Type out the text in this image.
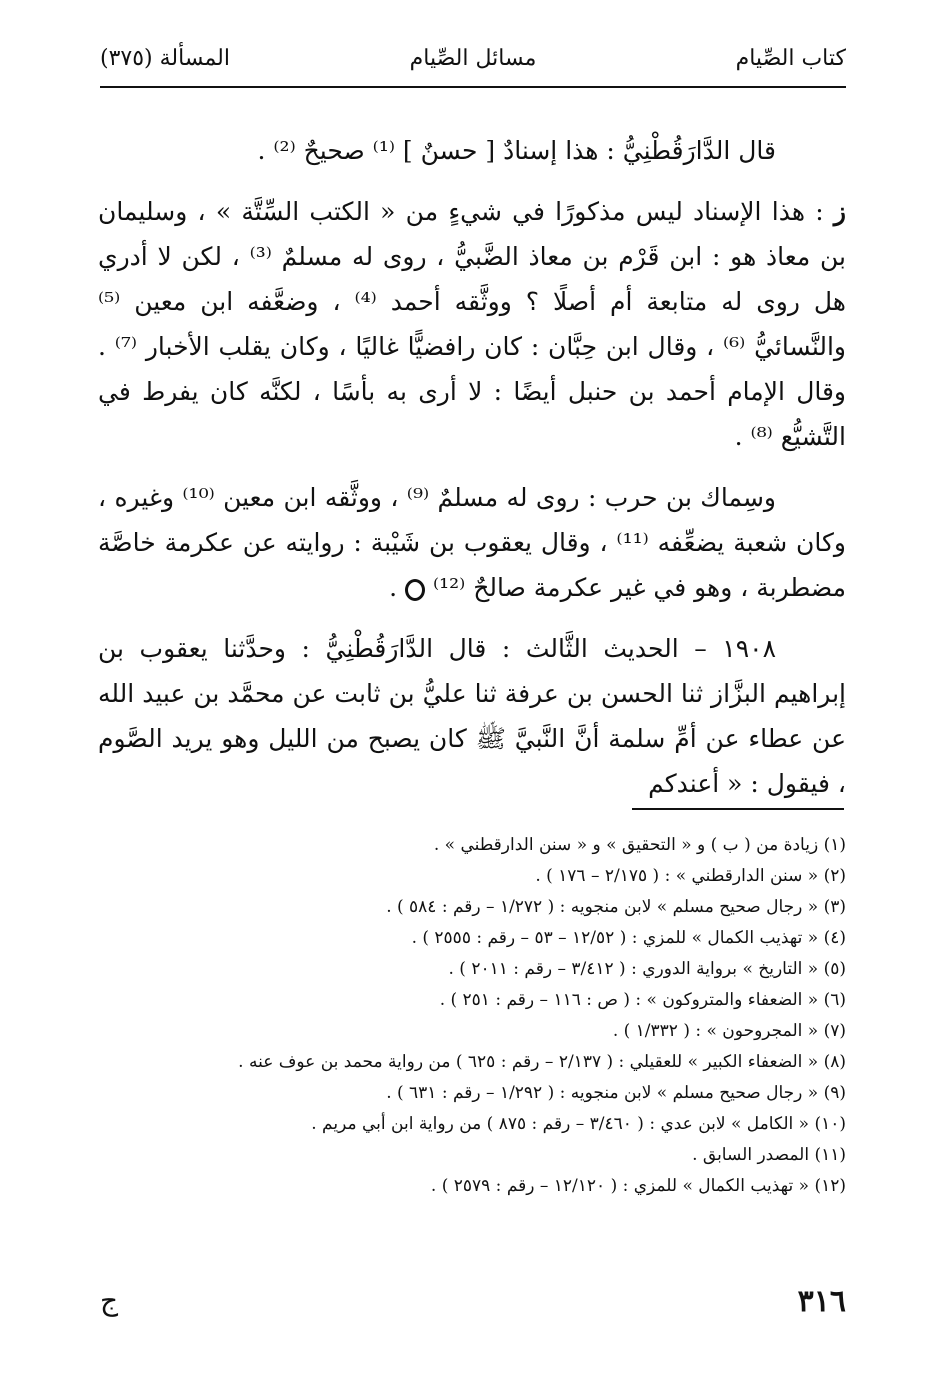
كتاب الصِّيام
مسائل الصِّيام
المسألة (٣٧٥)

قال الدَّارَقُطْنِيُّ : هذا إسنادٌ [ حسنٌ ] ⁽¹⁾ صحيحٌ ⁽²⁾ .

ز : هذا الإسناد ليس مذكورًا في شيءٍ من « الكتب السِّتَّة » ، وسليمان بن معاذ هو : ابن قَرْم بن معاذ الضَّبيُّ ، روى له مسلمٌ ⁽³⁾ ، لكن لا أدري هل روى له متابعة أم أصلًا ؟ ووثَّقه أحمد ⁽⁴⁾ ، وضعَّفه ابن معين ⁽⁵⁾ والنَّسائيُّ ⁽⁶⁾ ، وقال ابن حِبَّان : كان رافضيًّا غاليًا ، وكان يقلب الأخبار ⁽⁷⁾ . وقال الإمام أحمد بن حنبل أيضًا : لا أرى به بأسًا ، لكنَّه كان يفرط في التَّشيُّع ⁽⁸⁾ .

وسِماك بن حرب : روى له مسلمٌ ⁽⁹⁾ ، ووثَّقه ابن معين ⁽¹⁰⁾ وغيره ، وكان شعبة يضعِّفه ⁽¹¹⁾ ، وقال يعقوب بن شَيْبة : روايته عن عكرمة خاصَّة مضطربة ، وهو في غير عكرمة صالحٌ ⁽¹²⁾  .

١٩٠٨ – الحديث الثَّالث : قال الدَّارَقُطْنِيُّ : وحدَّثنا يعقوب بن إبراهيم البزَّاز ثنا الحسن بن عرفة ثنا عليُّ بن ثابت عن محمَّد بن عبيد الله عن عطاء عن أمِّ سلمة أنَّ النَّبيَّ ﷺ كان يصبح من الليل وهو يريد الصَّوم ، فيقول : « أعندكم

(١) زيادة من ( ب ) و « التحقيق » و « سنن الدارقطني » .
(٢) « سنن الدارقطني » : ( ٢/١٧٥ – ١٧٦ ) .
(٣) « رجال صحيح مسلم » لابن منجويه : ( ١/٢٧٢ – رقم : ٥٨٤ ) .
(٤) « تهذيب الكمال » للمزي : ( ١٢/٥٢ – ٥٣ – رقم : ٢٥٥٥ ) .
(٥) « التاريخ » برواية الدوري : ( ٣/٤١٢ – رقم : ٢٠١١ ) .
(٦) « الضعفاء والمتروكون » : ( ص : ١١٦ – رقم : ٢٥١ ) .
(٧) « المجروحون » : ( ١/٣٣٢ ) .
(٨) « الضعفاء الكبير » للعقيلي : ( ٢/١٣٧ – رقم : ٦٢٥ ) من رواية محمد بن عوف عنه .
(٩) « رجال صحيح مسلم » لابن منجويه : ( ١/٢٩٢ – رقم : ٦٣١ ) .
(١٠) « الكامل » لابن عدي : ( ٣/٤٦٠ – رقم : ٨٧٥ ) من رواية ابن أبي مريم .
(١١) المصدر السابق .
(١٢) « تهذيب الكمال » للمزي : ( ١٢/١٢٠ – رقم : ٢٥٧٩ ) .
٣١٦
ج
